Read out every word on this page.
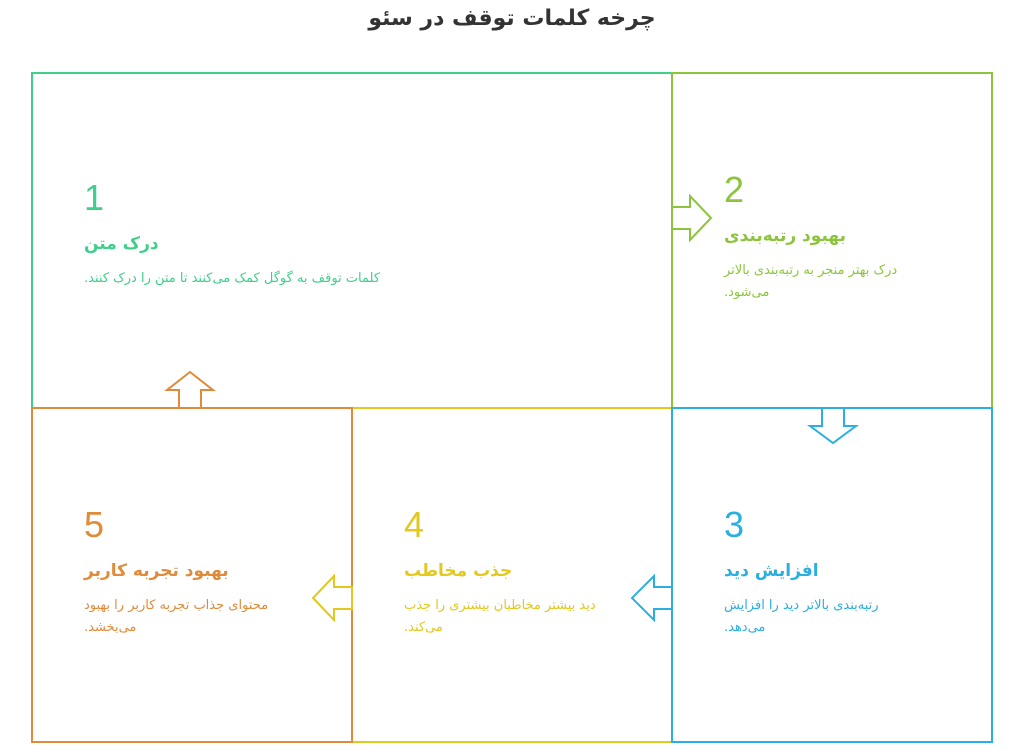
چرخه کلمات توقف در سئو
1
درک متن
کلمات توقف به گوگل کمک می‌کنند تا متن را درک کنند.
2
بهبود رتبه‌بندی
درک بهتر منجر به رتبه‌بندی بالاتر می‌شود.
3
افزایش دید
رتبه‌بندی بالاتر دید را افزایش می‌دهد.
4
جذب مخاطب
دید بیشتر مخاطبان بیشتری را جذب می‌کند.
5
بهبود تجربه کاربر
محتوای جذاب تجربه کاربر را بهبود می‌بخشد.
